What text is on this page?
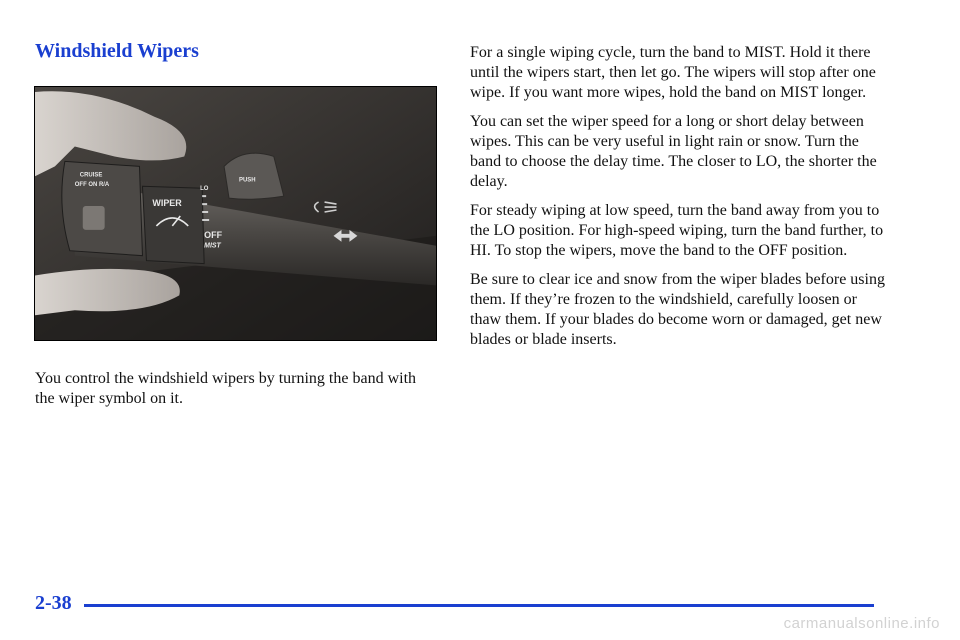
Windshield Wipers
PUSH
WIPER
OFF
MIST
LO
CRUISE
OFF ON R/A

You control the windshield wipers by turning the band with the wiper symbol on it.

For a single wiping cycle, turn the band to MIST. Hold it there until the wipers start, then let go. The wipers will stop after one wipe. If you want more wipes, hold the band on MIST longer.

You can set the wiper speed for a long or short delay between wipes. This can be very useful in light rain or snow. Turn the band to choose the delay time. The closer to LO, the shorter the delay.

For steady wiping at low speed, turn the band away from you to the LO position. For high-speed wiping, turn the band further, to HI. To stop the wipers, move the band to the OFF position.

Be sure to clear ice and snow from the wiper blades before using them. If they’re frozen to the windshield, carefully loosen or thaw them. If your blades do become worn or damaged, get new blades or blade inserts.

2-38
carmanualsonline.info
